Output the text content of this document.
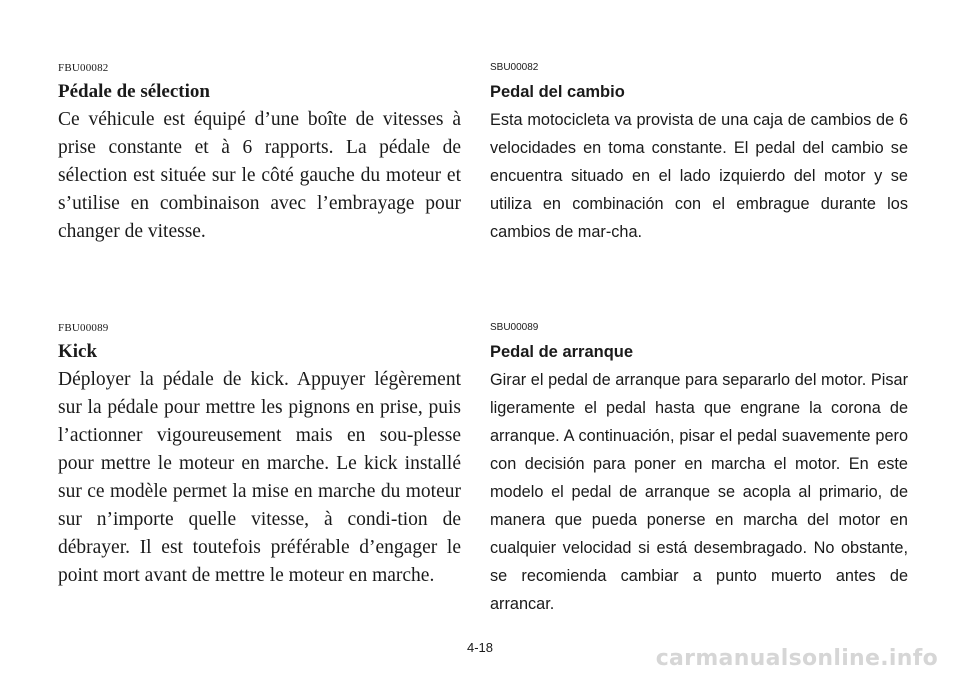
FBU00082

Pédale de sélection

Ce véhicule est équipé d’une boîte de vitesses à prise constante et à 6 rapports. La pédale de sélection est située sur le côté gauche du moteur et s’utilise en combinaison avec l’embrayage pour changer de vitesse.

FBU00089

Kick

Déployer la pédale de kick. Appuyer légèrement sur la pédale pour mettre les pignons en prise, puis l’actionner vigoureusement mais en sou-plesse pour mettre le moteur en marche. Le kick installé sur ce modèle permet la mise en marche du moteur sur n’importe quelle vitesse, à condi-tion de débrayer. Il est toutefois préférable d’engager le point mort avant de mettre le moteur en marche.

SBU00082

Pedal del cambio

Esta motocicleta va provista de una caja de cambios de 6 velocidades en toma constante. El pedal del cambio se encuentra situado en el lado izquierdo del motor y se utiliza en combinación con el embrague durante los cambios de mar-cha.

SBU00089

Pedal de arranque

Girar el pedal de arranque para separarlo del motor. Pisar ligeramente el pedal hasta que engrane la corona de arranque. A continuación, pisar el pedal suavemente pero con decisión para poner en marcha el motor. En este modelo el pedal de arranque se acopla al primario, de manera que pueda ponerse en marcha del motor en cualquier velocidad si está desembragado. No obstante, se recomienda cambiar a punto muerto antes de arrancar.

4-18	carmanualsonline.info
